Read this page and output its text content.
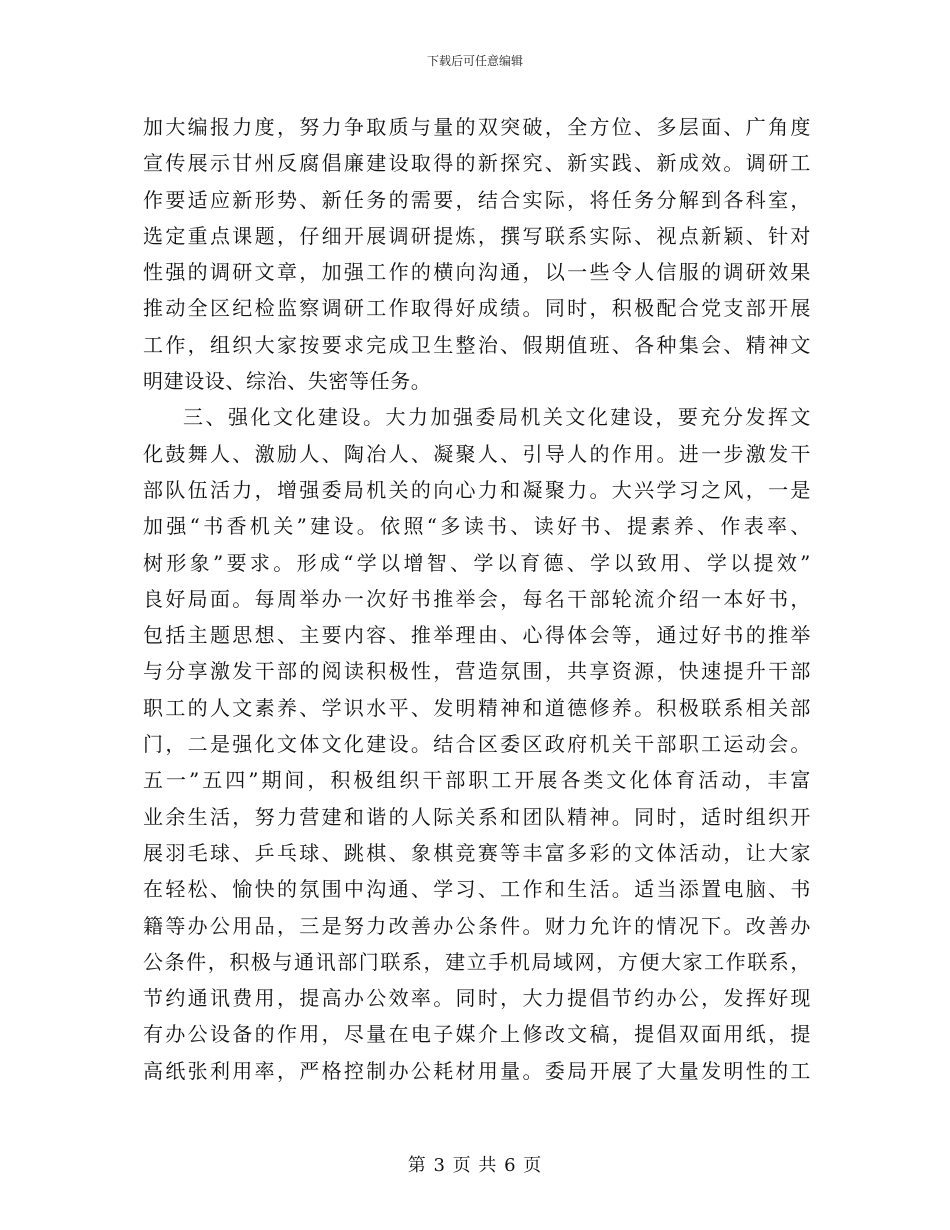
下载后可任意编辑
加大编报力度，努力争取质与量的双突破，全方位、多层面、广角度
宣传展示甘州反腐倡廉建设取得的新探究、新实践、新成效。调研工
作要适应新形势、新任务的需要，结合实际，将任务分解到各科室，
选定重点课题，仔细开展调研提炼，撰写联系实际、视点新颖、针对
性强的调研文章，加强工作的横向沟通，以一些令人信服的调研效果
推动全区纪检监察调研工作取得好成绩。同时，积极配合党支部开展
工作，组织大家按要求完成卫生整治、假期值班、各种集会、精神文
明建设设、综治、失密等任务。
三、强化文化建设。大力加强委局机关文化建设，要充分发挥文
化鼓舞人、激励人、陶冶人、凝聚人、引导人的作用。进一步激发干
部队伍活力，增强委局机关的向心力和凝聚力。大兴学习之风，一是
加强“书香机关”建设。依照“多读书、读好书、提素养、作表率、
树形象”要求。形成“学以增智、学以育德、学以致用、学以提效”
良好局面。每周举办一次好书推举会，每名干部轮流介绍一本好书，
包括主题思想、主要内容、推举理由、心得体会等，通过好书的推举
与分享激发干部的阅读积极性，营造氛围，共享资源，快速提升干部
职工的人文素养、学识水平、发明精神和道德修养。积极联系相关部
门，二是强化文体文化建设。结合区委区政府机关干部职工运动会。
五一”五四”期间，积极组织干部职工开展各类文化体育活动，丰富
业余生活，努力营建和谐的人际关系和团队精神。同时，适时组织开
展羽毛球、乒乓球、跳棋、象棋竞赛等丰富多彩的文体活动，让大家
在轻松、愉快的氛围中沟通、学习、工作和生活。适当添置电脑、书
籍等办公用品，三是努力改善办公条件。财力允许的情况下。改善办
公条件，积极与通讯部门联系，建立手机局域网，方便大家工作联系，
节约通讯费用，提高办公效率。同时，大力提倡节约办公，发挥好现
有办公设备的作用，尽量在电子媒介上修改文稿，提倡双面用纸，提
高纸张利用率，严格控制办公耗材用量。委局开展了大量发明性的工
第 3 页 共 6 页
